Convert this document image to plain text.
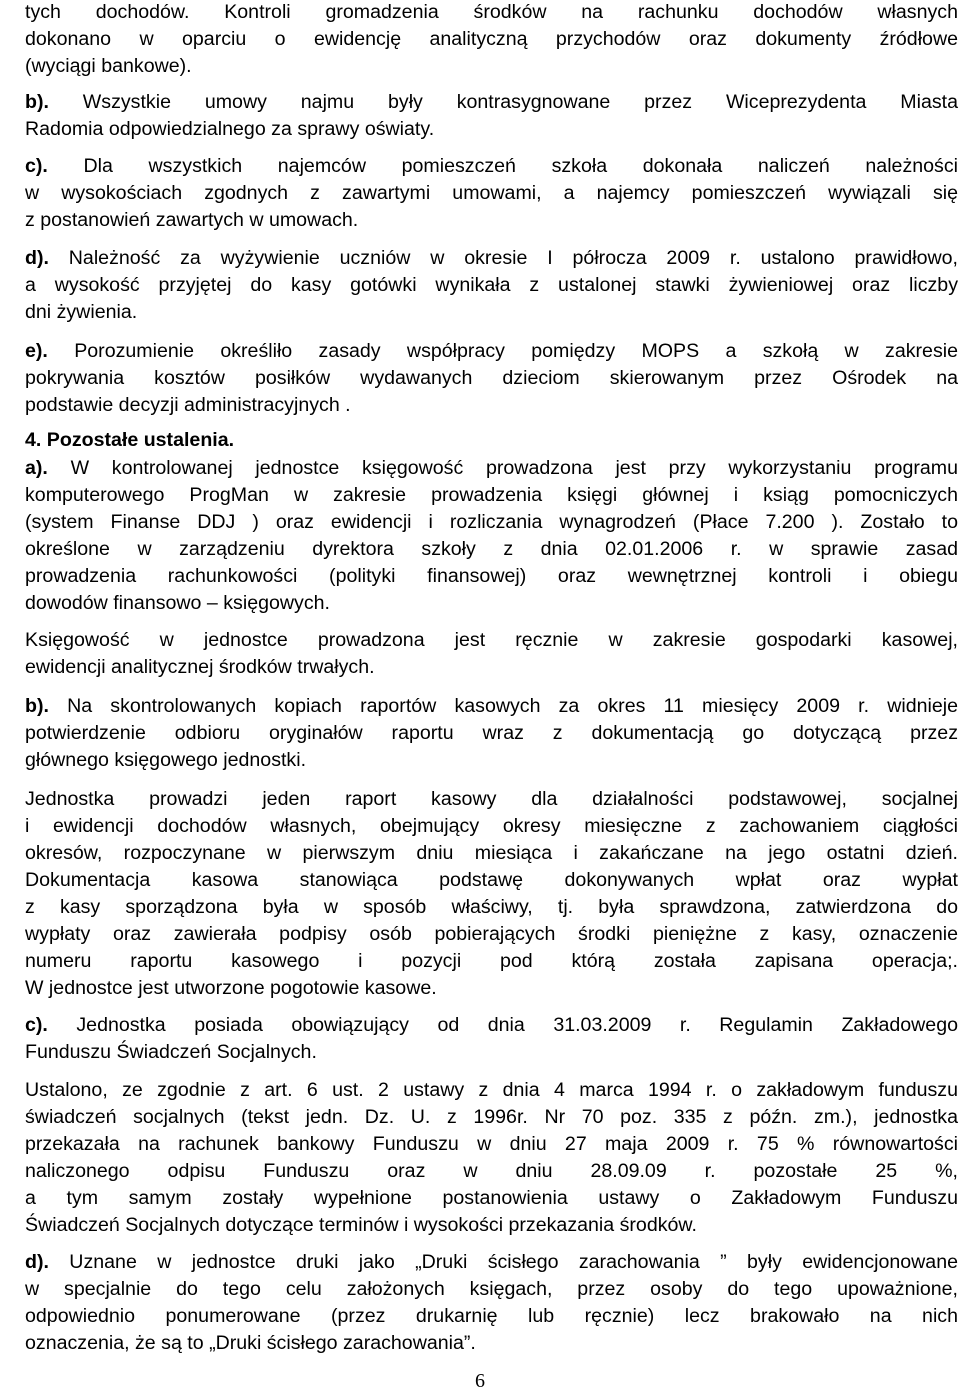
tych dochodów. Kontroli gromadzenia środków na rachunku dochodów własnych
dokonano w oparciu o ewidencję analityczną przychodów oraz dokumenty źródłowe
(wyciągi bankowe).
b). Wszystkie umowy najmu były kontrasygnowane przez Wiceprezydenta Miasta
Radomia odpowiedzialnego za sprawy oświaty.
c). Dla wszystkich najemców pomieszczeń szkoła dokonała naliczeń należności
w wysokościach zgodnych z zawartymi umowami, a najemcy pomieszczeń wywiązali się
z postanowień zawartych w umowach.
d). Należność za wyżywienie uczniów w okresie I półrocza 2009 r. ustalono prawidłowo,
a wysokość przyjętej do kasy gotówki wynikała z ustalonej stawki żywieniowej oraz liczby
dni żywienia.
e). Porozumienie określiło zasady współpracy pomiędzy MOPS a szkołą w zakresie
pokrywania kosztów posiłków wydawanych dzieciom skierowanym przez Ośrodek na
podstawie decyzji administracyjnych .
a). W kontrolowanej jednostce księgowość prowadzona jest przy wykorzystaniu programu
komputerowego ProgMan w zakresie prowadzenia księgi głównej i ksiąg pomocniczych
(system Finanse DDJ ) oraz ewidencji i rozliczania wynagrodzeń (Płace 7.200 ). Zostało to
określone w zarządzeniu dyrektora szkoły z dnia 02.01.2006 r. w sprawie zasad
prowadzenia rachunkowości (polityki finansowej) oraz wewnętrznej kontroli i obiegu
dowodów finansowo – księgowych.
Księgowość w jednostce prowadzona jest ręcznie w zakresie gospodarki kasowej,
ewidencji analitycznej środków trwałych.
b). Na skontrolowanych kopiach raportów kasowych za okres 11 miesięcy 2009 r. widnieje
potwierdzenie odbioru oryginałów raportu wraz z dokumentacją go dotyczącą przez
głównego księgowego jednostki.
Jednostka prowadzi jeden raport kasowy dla działalności podstawowej, socjalnej
i ewidencji dochodów własnych, obejmujący okresy miesięczne z zachowaniem ciągłości
okresów, rozpoczynane w pierwszym dniu miesiąca i zakańczane na jego ostatni dzień.
Dokumentacja kasowa stanowiąca podstawę dokonywanych wpłat oraz wypłat
z kasy sporządzona była w sposób właściwy, tj. była sprawdzona, zatwierdzona do
wypłaty oraz zawierała podpisy osób pobierających środki pieniężne z kasy, oznaczenie
numeru raportu kasowego i pozycji pod którą została zapisana operacja;.
W jednostce jest utworzone pogotowie kasowe.
c). Jednostka posiada obowiązujący od dnia 31.03.2009 r. Regulamin Zakładowego
Funduszu Świadczeń Socjalnych.
Ustalono, ze zgodnie z art. 6 ust. 2 ustawy z dnia 4 marca 1994 r. o zakładowym funduszu
świadczeń socjalnych (tekst jedn. Dz. U. z 1996r. Nr 70 poz. 335 z późn. zm.), jednostka
przekazała na rachunek bankowy Funduszu w dniu 27 maja 2009 r. 75 % równowartości
naliczonego odpisu Funduszu oraz w dniu 28.09.09 r. pozostałe 25 %,
a tym samym zostały wypełnione postanowienia ustawy o Zakładowym Funduszu
Świadczeń Socjalnych dotyczące terminów i wysokości przekazania środków.
d). Uznane w jednostce druki jako „Druki ścisłego zarachowania ” były ewidencjonowane
w specjalnie do tego celu założonych księgach, przez osoby do tego upoważnione,
odpowiednio ponumerowane (przez drukarnię lub ręcznie) lecz brakowało na nich
oznaczenia, że są to „Druki ścisłego zarachowania”.
4. Pozostałe ustalenia.
6
